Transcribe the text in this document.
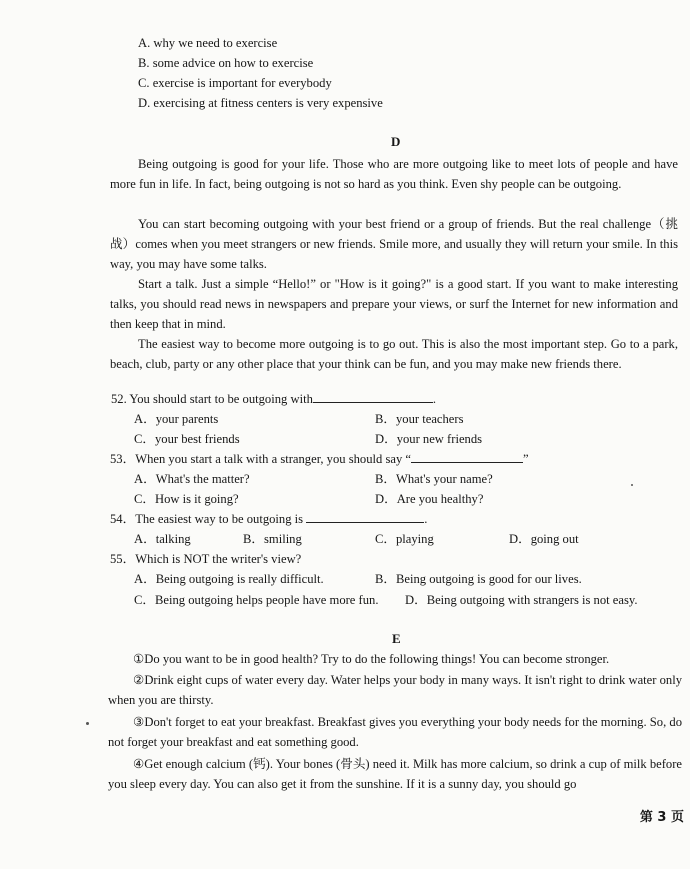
A. why we need to exercise
B. some advice on how to exercise
C. exercise is important for everybody
D. exercising at fitness centers is very expensive
D
Being outgoing is good for your life. Those who are more outgoing like to meet lots of people and have more fun in life. In fact, being outgoing is not so hard as you think. Even shy people can be outgoing.
You can start becoming outgoing with your best friend or a group of friends. But the real challenge（挑战）comes when you meet strangers or new friends. Smile more, and usually they will return your smile. In this way, you may have some talks.
Start a talk. Just a simple “Hello!” or "How is it going?" is a good start. If you want to make interesting talks, you should read news in newspapers and prepare your views, or surf the Internet for new information and then keep that in mind.
The easiest way to become more outgoing is to go out. This is also the most important step. Go to a park, beach, club, party or any other place that your think can be fun, and you may make new friends there.
52. You should start to be outgoing with	.
A．your parents	B．your teachers
C．your best friends	D．your new friends
53．When you start a talk with a stranger, you should say “	”
A．What's the matter?	B．What's your name?
C．How is it going?	D．Are you healthy?
54．The easiest way to be outgoing is	.
A．talking	B．smiling	C．playing	D．going out
55．Which is NOT the writer's view?
A．Being outgoing is really difficult.	B．Being outgoing is good for our lives.
C．Being outgoing helps people have more fun. D．Being outgoing with strangers is not easy.
E
①Do you want to be in good health? Try to do the following things! You can become stronger.
②Drink eight cups of water every day. Water helps your body in many ways. It isn't right to drink water only when you are thirsty.
③Don't forget to eat your breakfast. Breakfast gives you everything your body needs for the morning. So, do not forget your breakfast and eat something good.
④Get enough calcium (钙). Your bones (骨头) need it. Milk has more calcium, so drink a cup of milk before you sleep every day. You can also get it from the sunshine. If it is a sunny day, you should go
第 3 页
